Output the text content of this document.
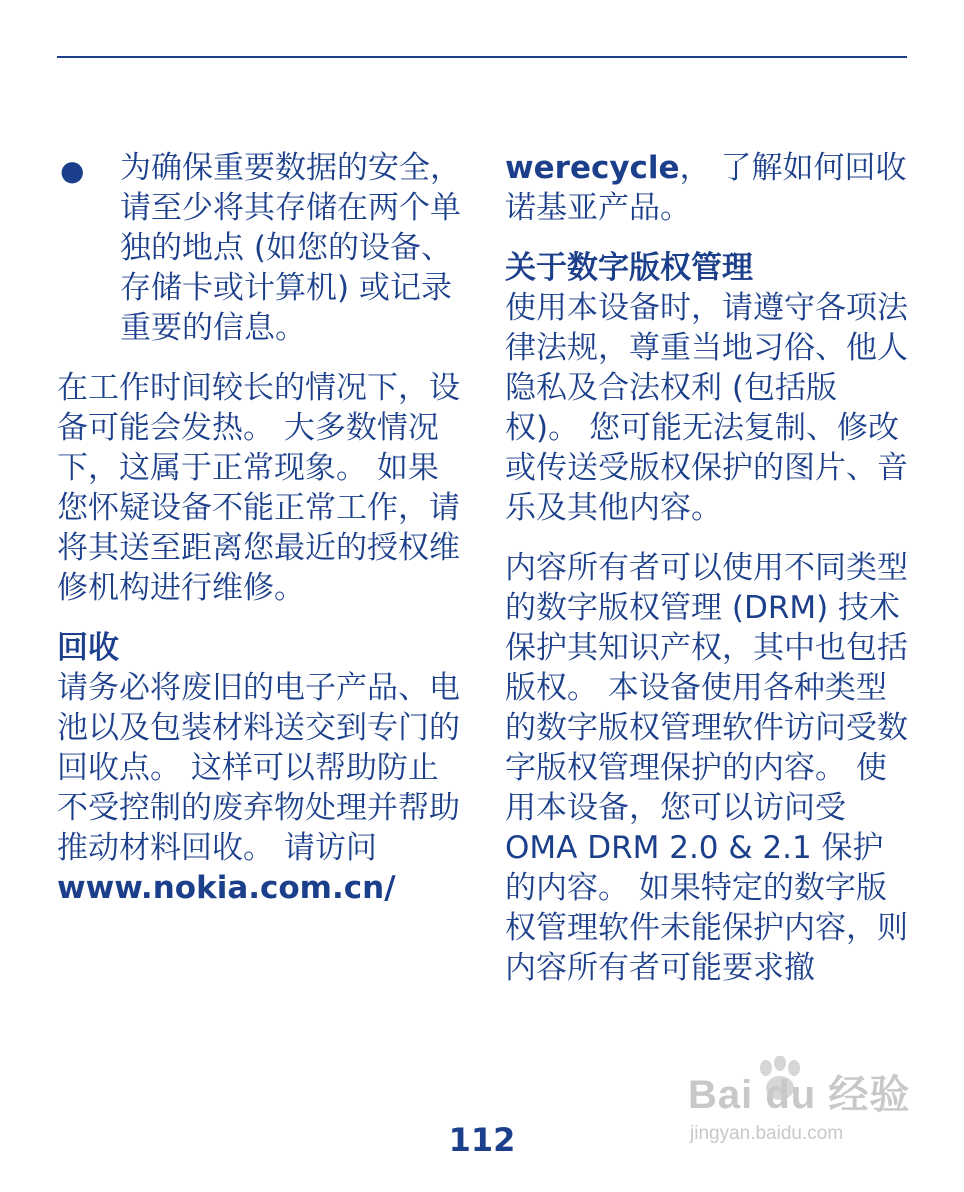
● 为确保重要数据的安全，请至少将其存储在两个单独的地点 (如您的设备、存储卡或计算机) 或记录重要的信息。

在工作时间较长的情况下，设备可能会发热。 大多数情况下，这属于正常现象。 如果您怀疑设备不能正常工作，请将其送至距离您最近的授权维修机构进行维修。

回收

请务必将废旧的电子产品、电池以及包装材料送交到专门的回收点。 这样可以帮助防止不受控制的废弃物处理并帮助推动材料回收。 请访问
www.nokia.com.cn/

werecycle， 了解如何回收诺基亚产品。

关于数字版权管理

使用本设备时，请遵守各项法律法规，尊重当地习俗、他人隐私及合法权利 (包括版权)。 您可能无法复制、修改或传送受版权保护的图片、音乐及其他内容。

内容所有者可以使用不同类型的数字版权管理 (DRM) 技术保护其知识产权，其中也包括版权。 本设备使用各种类型的数字版权管理软件访问受数字版权管理保护的内容。 使用本设备，您可以访问受 OMA DRM 2.0 & 2.1 保护的内容。 如果特定的数字版权管理软件未能保护内容，则内容所有者可能要求撤

112
Bai du 经验
jingyan.baidu.com
